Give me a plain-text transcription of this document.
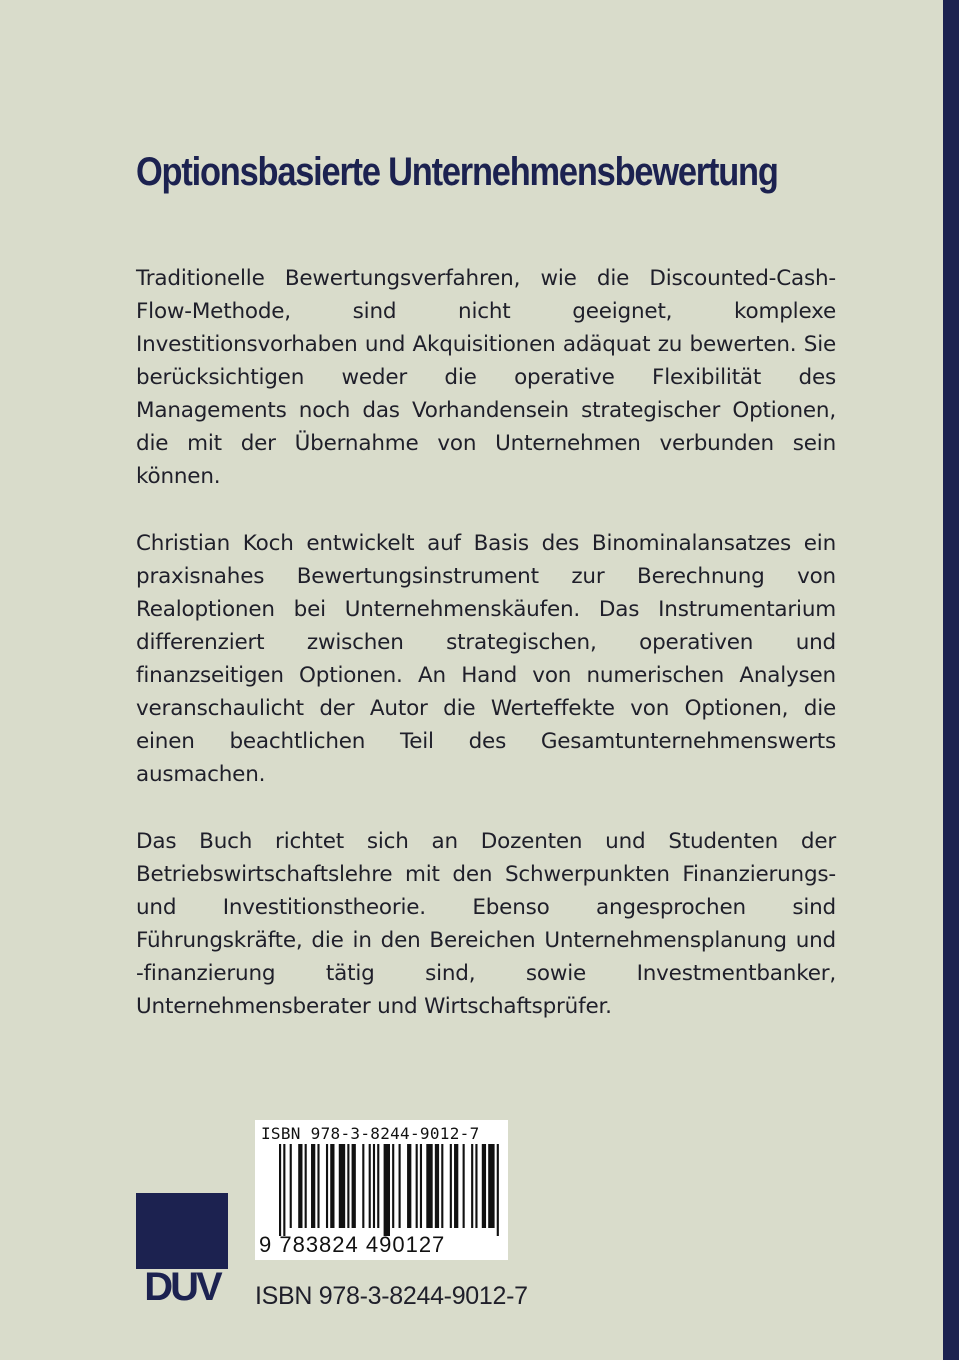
Optionsbasierte Unternehmensbewertung

Traditionelle Bewertungsverfahren, wie die Discounted-Cash-Flow-Methode, sind nicht geeignet, komplexe Investitionsvorhaben und Akquisitionen adäquat zu bewerten. Sie berücksichtigen weder die operative Flexibilität des Managements noch das Vorhandensein strategischer Optionen, die mit der Übernahme von Unternehmen verbunden sein können.

Christian Koch entwickelt auf Basis des Binominalansatzes ein praxisnahes Bewertungsinstrument zur Berechnung von Realoptionen bei Unternehmenskäufen. Das Instrumentarium differenziert zwischen strategischen, operativen und finanzseitigen Optionen. An Hand von numerischen Analysen veranschaulicht der Autor die Werteffekte von Optionen, die einen beachtlichen Teil des Gesamtunternehmenswerts ausmachen.

Das Buch richtet sich an Dozenten und Studenten der Betriebswirtschaftslehre mit den Schwerpunkten Finanzierungs- und Investitionstheorie. Ebenso angesprochen sind Führungskräfte, die in den Bereichen Unternehmensplanung und -finanzierung tätig sind, sowie Investmentbanker, Unternehmensberater und Wirtschaftsprüfer.

DUV
ISBN 978-3-8244-9012-7
9 783824 490127
ISBN 978-3-8244-9012-7
